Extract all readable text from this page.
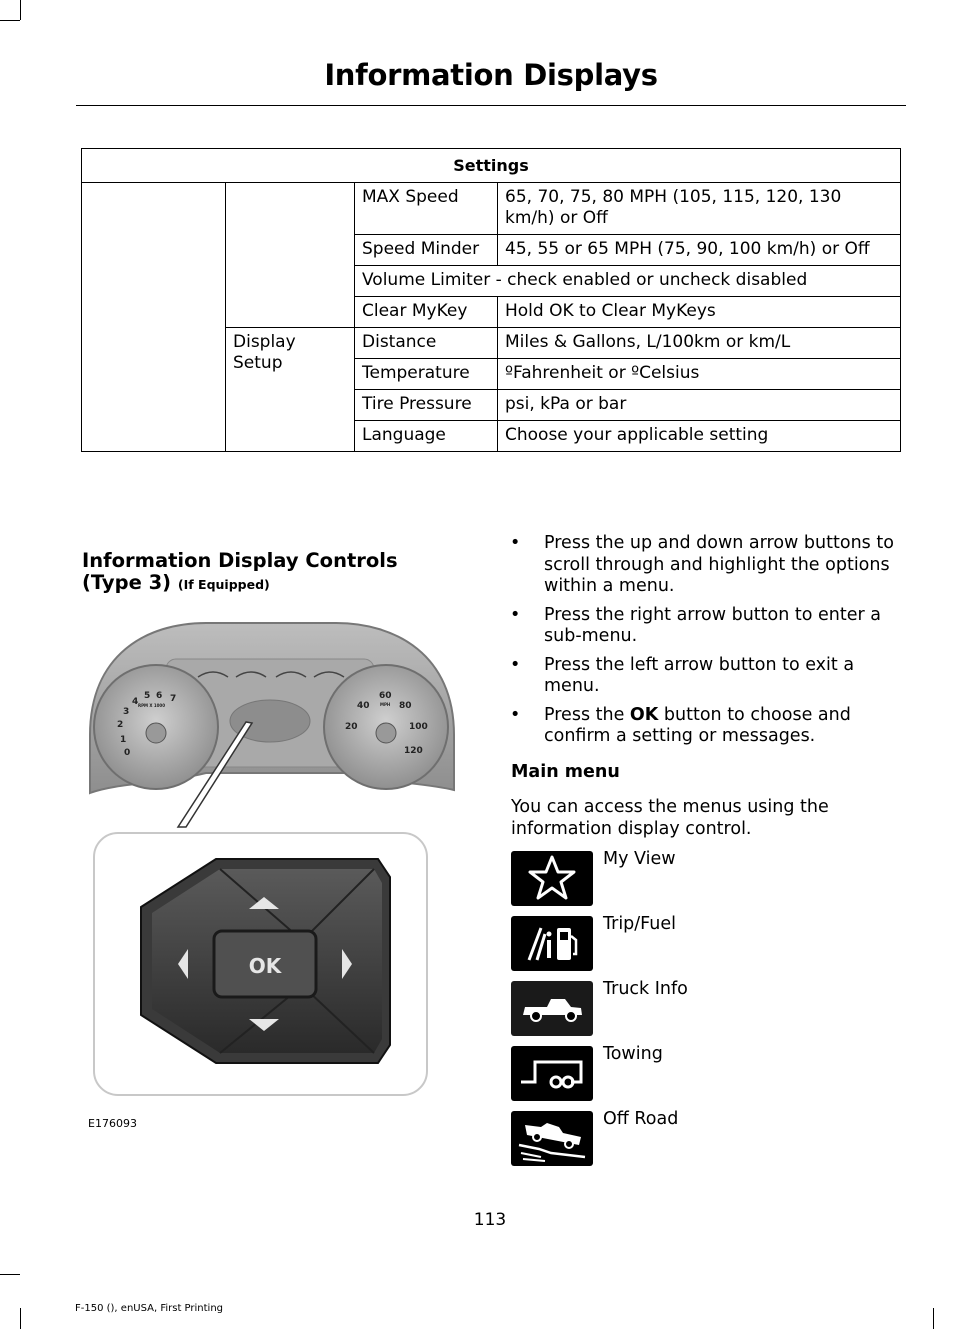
Information Displays
Settings			
		MAX Speed	65, 70, 75, 80 MPH (105, 115, 120, 130 km/h) or Off
		Speed Minder	45, 55 or 65 MPH (75, 90, 100 km/h) or Off
		Volume Limiter - check enabled or uncheck disabled	
		Clear MyKey	Hold OK to Clear MyKeys

	Display Setup	Distance	Miles & Gallons, L/100km or km/L
		Temperature	ºFahrenheit or ºCelsius
		Tire Pressure	psi, kPa or bar
		Language	Choose your applicable setting
Information Display Controls
(Type 3) (If Equipped)
0
1
2
3
4
5 6 7
RPM X 1000
20
40
60
80
100
120
MPH
OK
E176093
• Press the up and down arrow buttons to scroll through and highlight the options within a menu.
• Press the right arrow button to enter a sub-menu.
• Press the left arrow button to exit a menu.
• Press the OK button to choose and confirm a setting or messages.
Main menu
You can access the menus using the information display control.
My View
Trip/Fuel
Truck Info
Towing
Off Road
113
F-150 (), enUSA, First Printing
